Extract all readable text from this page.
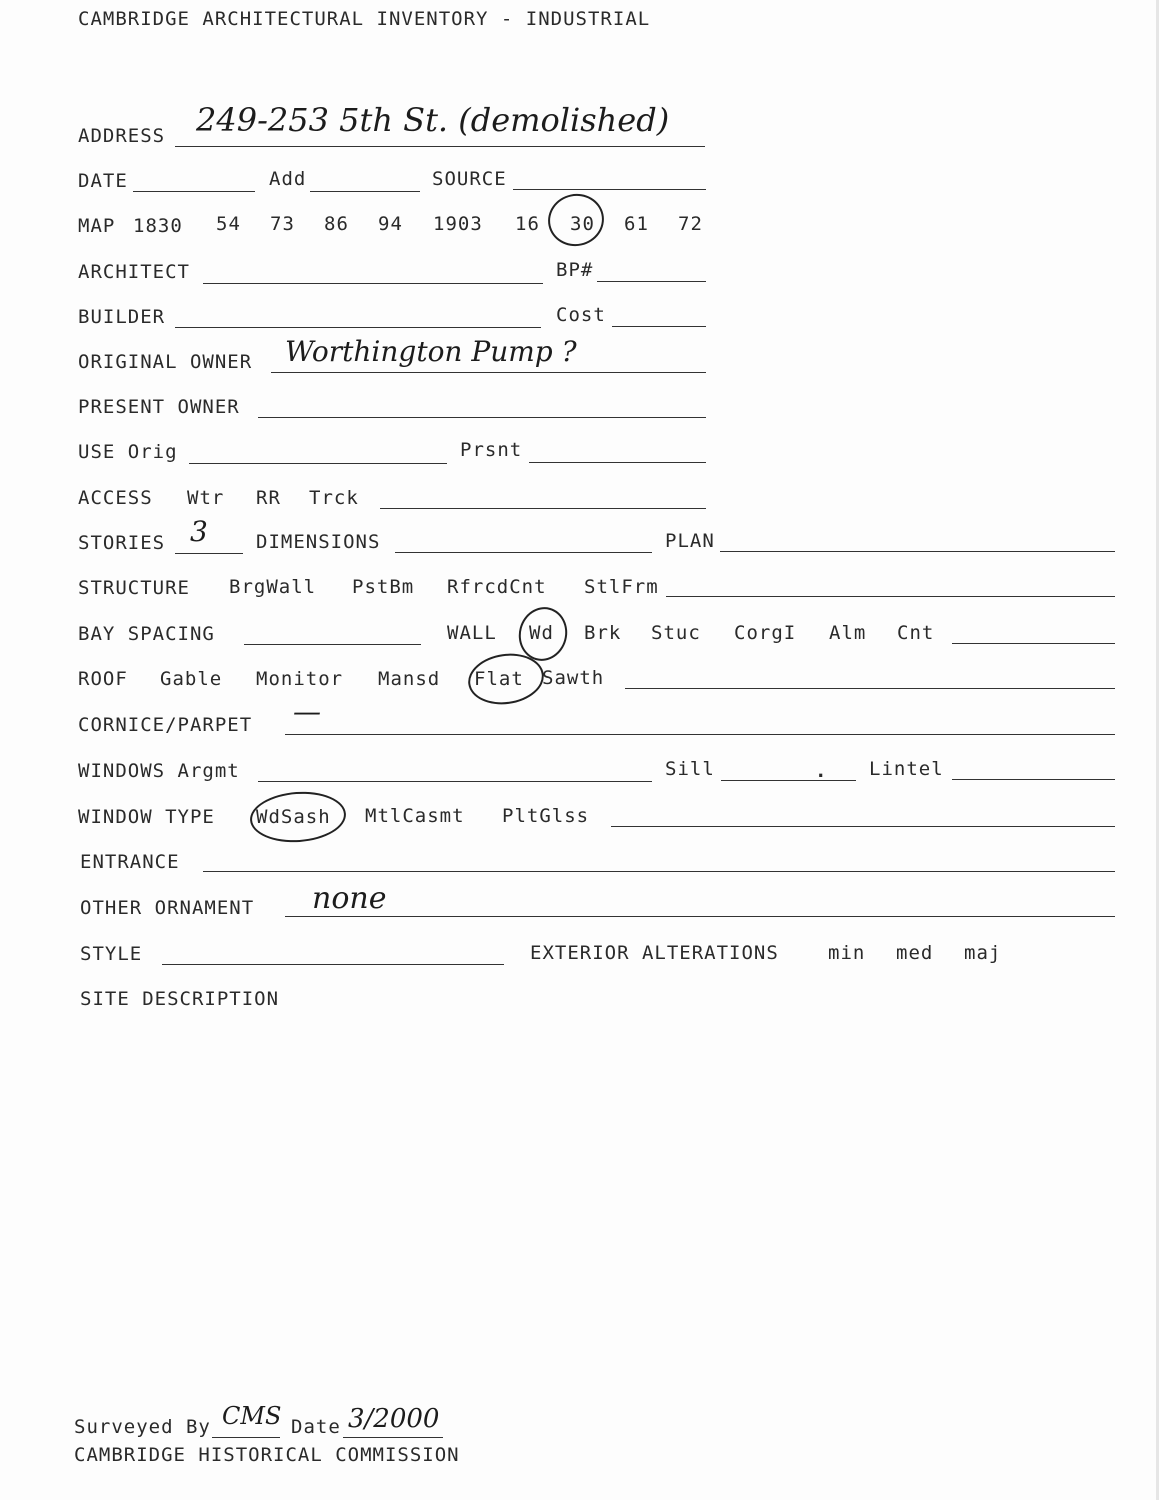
CAMBRIDGE ARCHITECTURAL INVENTORY - INDUSTRIAL
ADDRESS 249-253 5th St. (demolished)
DATE	Add	SOURCE
MAP 1830 54 73 86 94 1903 16 30 61 72
ARCHITECT	BP#
BUILDER	Cost
ORIGINAL OWNER Worthington Pump ?
PRESENT OWNER
USE Orig	Prsnt
ACCESS Wtr RR Trck
STORIES 3	DIMENSIONS	PLAN
STRUCTURE BrgWall PstBm RfrcdCnt StlFrm
BAY SPACING	WALL Wd Brk Stuc CorgI Alm Cnt
ROOF Gable Monitor Mansd Flat Sawth
CORNICE/PARPET —
WINDOWS Argmt	Sill	. Lintel
WINDOW TYPE WdSash MtlCasmt PltGlss
ENTRANCE
OTHER ORNAMENT none
STYLE	EXTERIOR ALTERATIONS	min med maj
SITE DESCRIPTION
Surveyed By CMS Date 3/2000
CAMBRIDGE HISTORICAL COMMISSION
